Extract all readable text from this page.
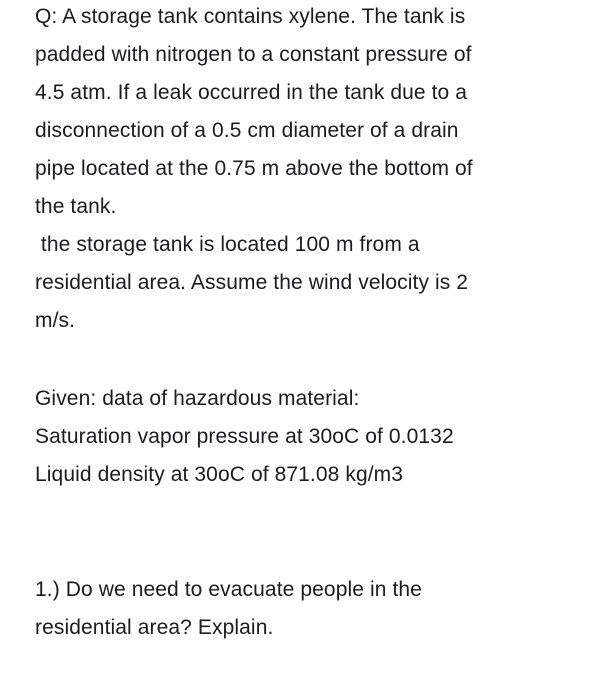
Q: A storage tank contains xylene. The tank is
padded with nitrogen to a constant pressure of
4.5 atm. If a leak occurred in the tank due to a
disconnection of a 0.5 cm diameter of a drain
pipe located at the 0.75 m above the bottom of
the tank.
the storage tank is located 100 m from a
residential area. Assume the wind velocity is 2
m/s.
Given: data of hazardous material:
Saturation vapor pressure at 30oC of 0.0132
Liquid density at 30oC of 871.08 kg/m3
1.) Do we need to evacuate people in the
residential area? Explain.
